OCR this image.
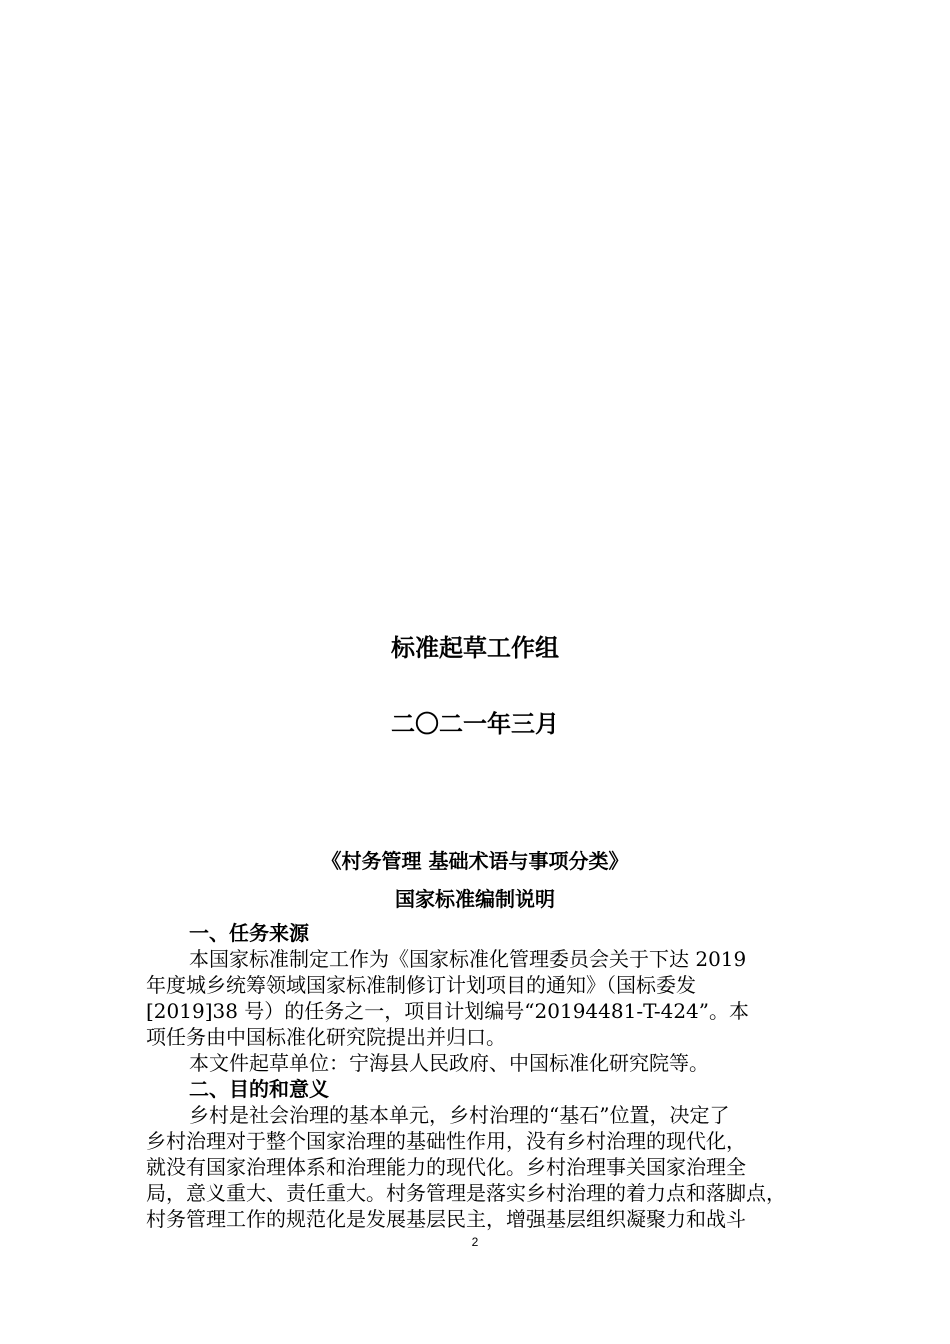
标准起草工作组
二〇二一年三月
《村务管理 基础术语与事项分类》
国家标准编制说明
一、任务来源

本国家标准制定工作为《国家标准化管理委员会关于下达 2019

年度城乡统筹领域国家标准制修订计划项目的通知》（国标委发

[2019]38 号）的任务之一，项目计划编号“20194481-T-424”。本

项任务由中国标准化研究院提出并归口。

本文件起草单位：宁海县人民政府、中国标准化研究院等。

二、目的和意义

乡村是社会治理的基本单元，乡村治理的“基石”位置，决定了

乡村治理对于整个国家治理的基础性作用，没有乡村治理的现代化，

就没有国家治理体系和治理能力的现代化。乡村治理事关国家治理全

局，意义重大、责任重大。村务管理是落实乡村治理的着力点和落脚点，

村务管理工作的规范化是发展基层民主，增强基层组织凝聚力和战斗

2
